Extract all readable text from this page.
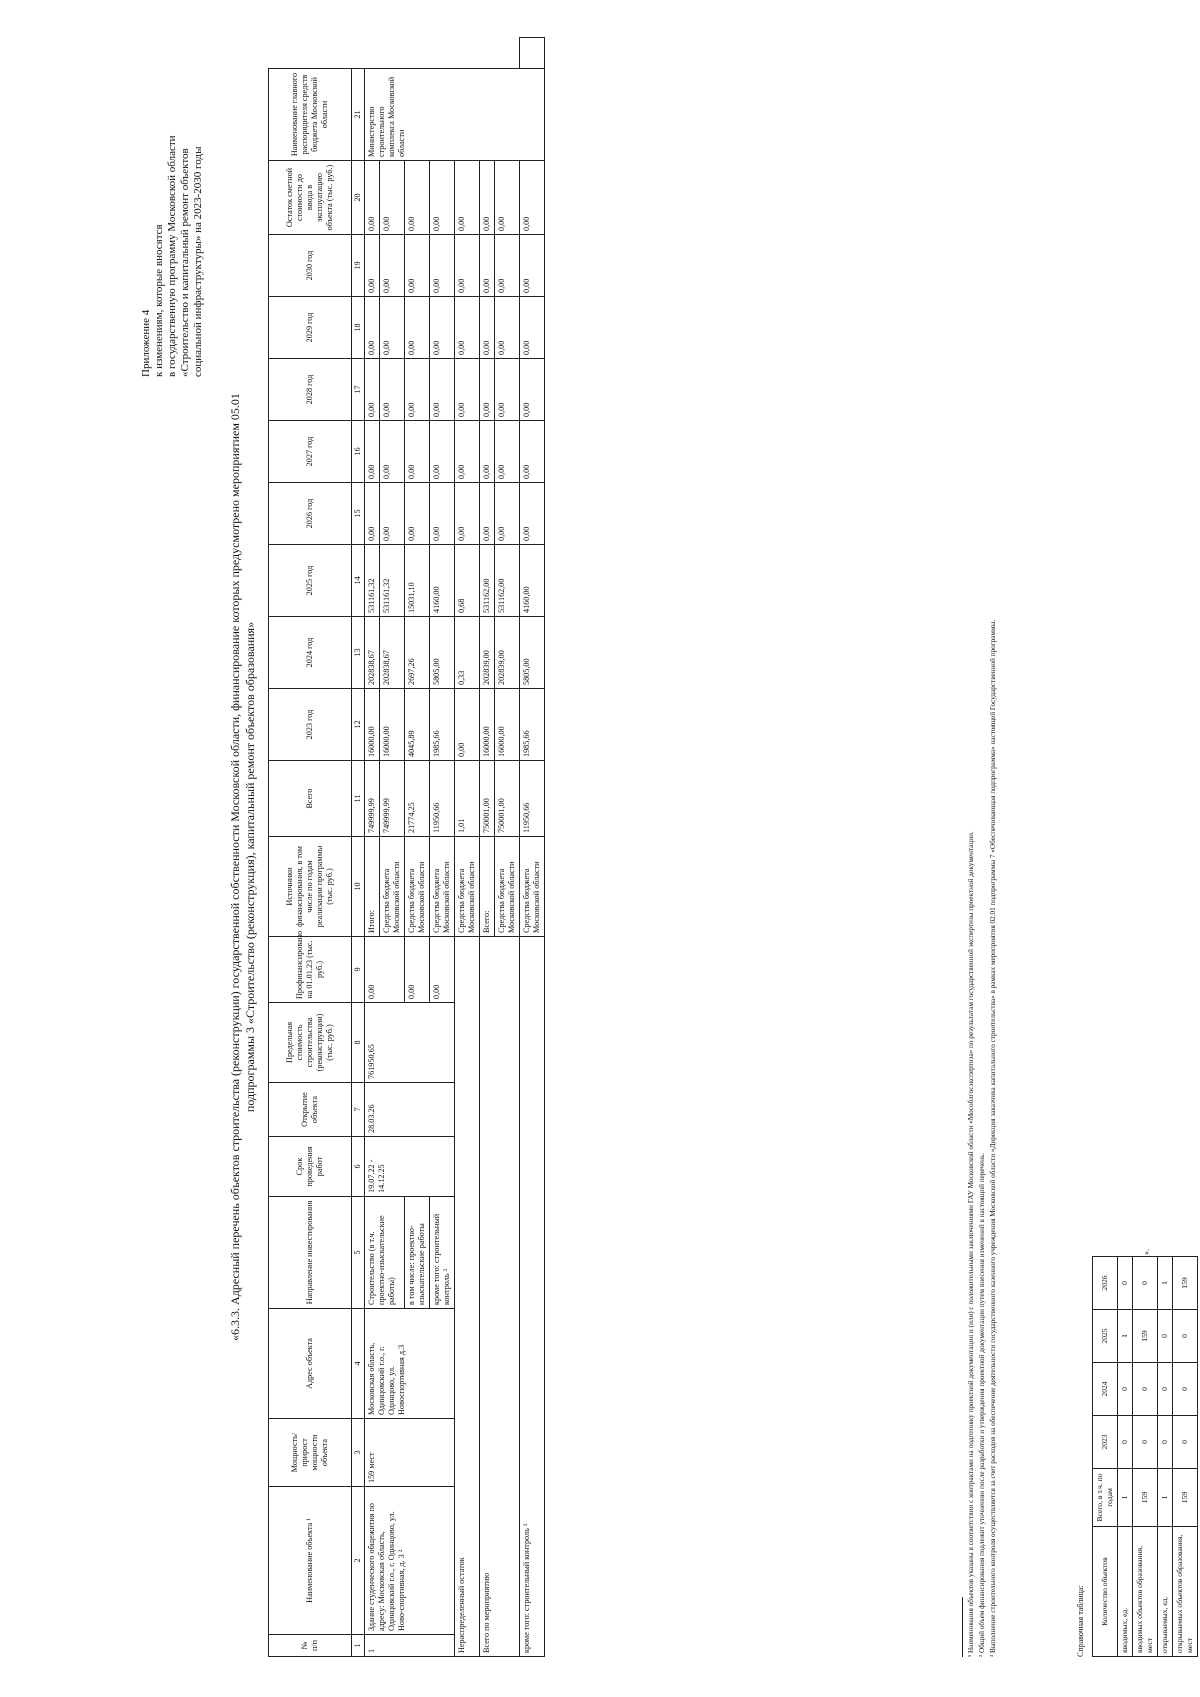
Приложение 4 к изменениям, которые вносятся в государственную программу Московской области «Строительство и капитальный ремонт объектов социальной инфраструктуры» на 2023-2030 годы
«6.3.3. Адресный перечень объектов строительства (реконструкции) государственной собственности Московской области, финансирование которых предусмотрено мероприятием 05.01 подпрограммы 3 «Строительство (реконструкция), капитальный ремонт объектов образования»
№ п/п	Наименование объекта ¹	Мощность/ прирост мощности объекта	Адрес объекта	Направление инвестирования	Срок проведения работ	Открытие объекта	Предельная стоимость строительства (реконструкции) (тыс. руб.)	Профинансировано на 01.01.23 (тыс. руб.)	Источники финансирования, в том числе по годам реализации программы (тыс. руб.)	Всего	2023 год	2024 год	2025 год	2026 год	2027 год	2028 год	2029 год	2030 год	Остаток сметной стоимости до ввода в эксплуатацию объекта (тыс. руб.)	Наименование главного распорядителя средств бюджета Московской области	
1	2	3	4	5	6	7	8	9	10	11	12	13	14	15	16	17	18	19	20	21	
1	Здание студенческого общежития по адресу: Московская область, Одинцовский г.о., г. Одинцово, ул. Ново-спортивная, д. 3 ²	159 мест	Московская область, Одинцовский г.о., г. Одинцово, ул. Новоспортивная д.3	Строительство (в т.ч. проектно-изыскательские работы)	19.07.22 - 14.12.25	28.03.26	761950,65	0,00	Итого:	749999,99	16000,00	202838,67	531161,32	0,00	0,00	0,00	0,00	0,00	0,00	Министерство строительного комплекса Московской области	
									Средства бюджета Московской области	749999,99	16000,00	202838,67	531161,32	0,00	0,00	0,00	0,00	0,00	0,00		
				в том числе: проектно-изыскательские работы				0,00	Средства бюджета Московской области	21774,25	4045,89	2697,26	15031,10	0,00	0,00	0,00	0,00	0,00	0,00		
				кроме того: строительный контроль ³				0,00	Средства бюджета Московской области	11950,66	1985,66	5805,00	4160,00	0,00	0,00	0,00	0,00	0,00	0,00		
Нераспределенный остаток									Средства бюджета Московской области	1,01	0,00	0,33	0,68	0,00	0,00	0,00	0,00	0,00	0,00		
Всего по мероприятию									Всего:	750001,00	16000,00	202839,00	531162,00	0,00	0,00	0,00	0,00	0,00	0,00		
									Средства бюджета Московской области	750001,00	16000,00	202839,00	531162,00	0,00	0,00	0,00	0,00	0,00	0,00		
кроме того: строительный контроль ³									Средства бюджета Московской области	11950,66	1985,66	5805,00	4160,00	0,00	0,00	0,00	0,00	0,00	0,00		
¹ Наименования объектов указаны в соответствии с контрактами на подготовку проектной документации и (или) с положительными заключениями ГАУ Московской области «Мособлгосэкспертиза» по результатам государственной экспертизы проектной документации. ² Общий объем финансирования подлежит уточнению после разработки и утверждения проектной документации путем внесения изменений в настоящий перечень. ³ Выполнение строительного контроля осуществляется за счет расходов на обеспечение деятельности государственного казенного учреждения Московской области «Дирекция заказчика капитального строительства» в рамках мероприятия 02.01 подпрограммы 7 «Обеспечивающая подпрограмма» настоящей Государственной программы.	Справочная таблица: Количество объектов	Всего, в т.ч. по годам	2023	2024	2025	2026
вводимых, ед.	1	0	0	1	0
вводимых объектов образования, мест	159	0	0	159	0
открываемых, ед.	1	0	0	0	1
открываемых объектов образования, мест	159	0	0	0	159
».
